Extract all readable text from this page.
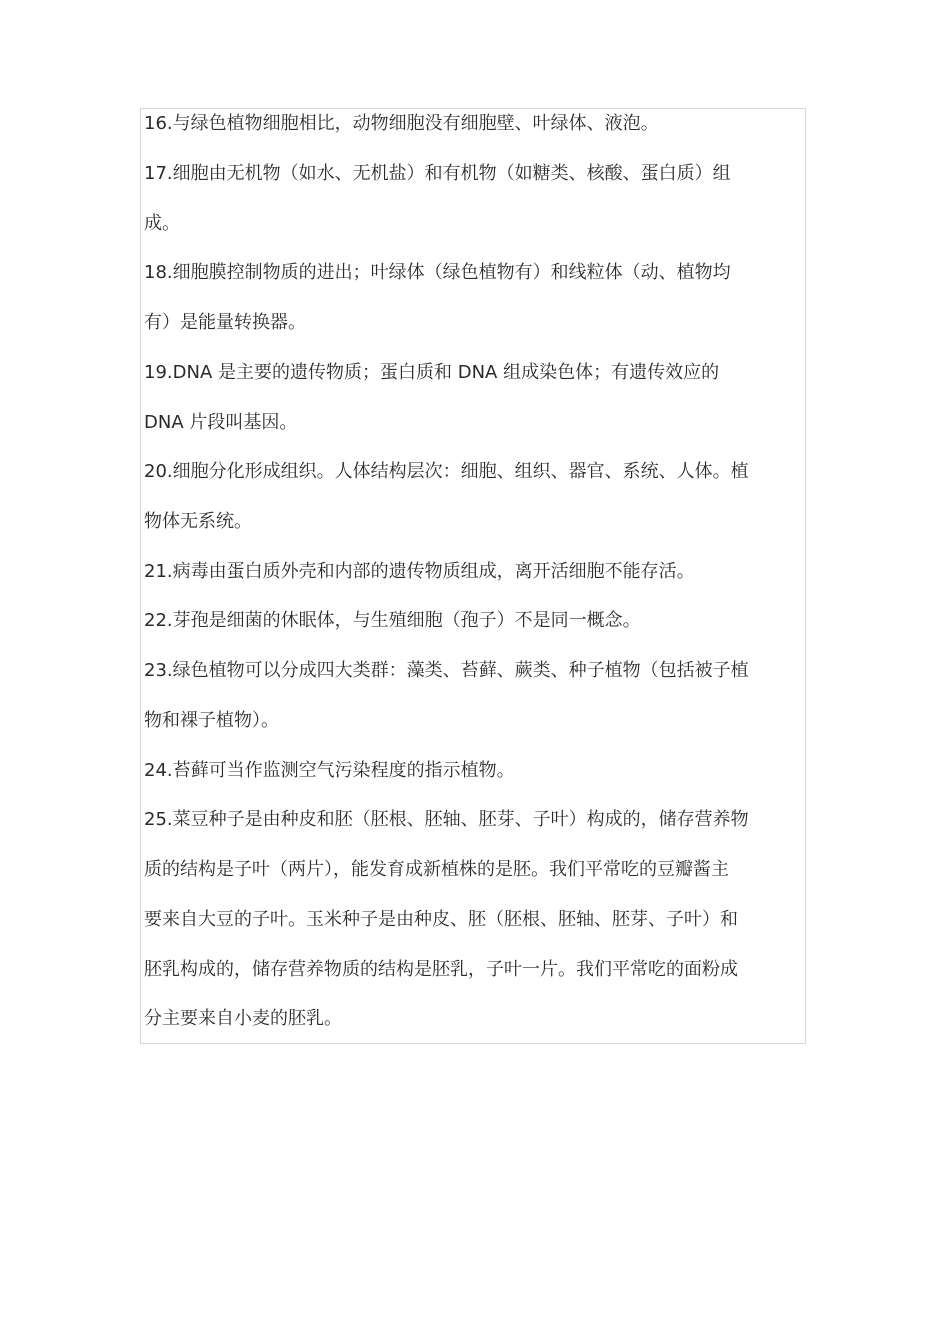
16.与绿色植物细胞相比，动物细胞没有细胞壁、叶绿体、液泡。
17.细胞由无机物（如水、无机盐）和有机物（如糖类、核酸、蛋白质）组
成。
18.细胞膜控制物质的进出；叶绿体（绿色植物有）和线粒体（动、植物均
有）是能量转换器。
19.DNA 是主要的遗传物质；蛋白质和 DNA 组成染色体；有遗传效应的
DNA 片段叫基因。
20.细胞分化形成组织。人体结构层次：细胞、组织、器官、系统、人体。植
物体无系统。
21.病毒由蛋白质外壳和内部的遗传物质组成，离开活细胞不能存活。
22.芽孢是细菌的休眠体，与生殖细胞（孢子）不是同一概念。
23.绿色植物可以分成四大类群：藻类、苔藓、蕨类、种子植物（包括被子植
物和裸子植物）。
24.苔藓可当作监测空气污染程度的指示植物。
25.菜豆种子是由种皮和胚（胚根、胚轴、胚芽、子叶）构成的，储存营养物
质的结构是子叶（两片），能发育成新植株的是胚。我们平常吃的豆瓣酱主
要来自大豆的子叶。玉米种子是由种皮、胚（胚根、胚轴、胚芽、子叶）和
胚乳构成的，储存营养物质的结构是胚乳，子叶一片。我们平常吃的面粉成
分主要来自小麦的胚乳。
